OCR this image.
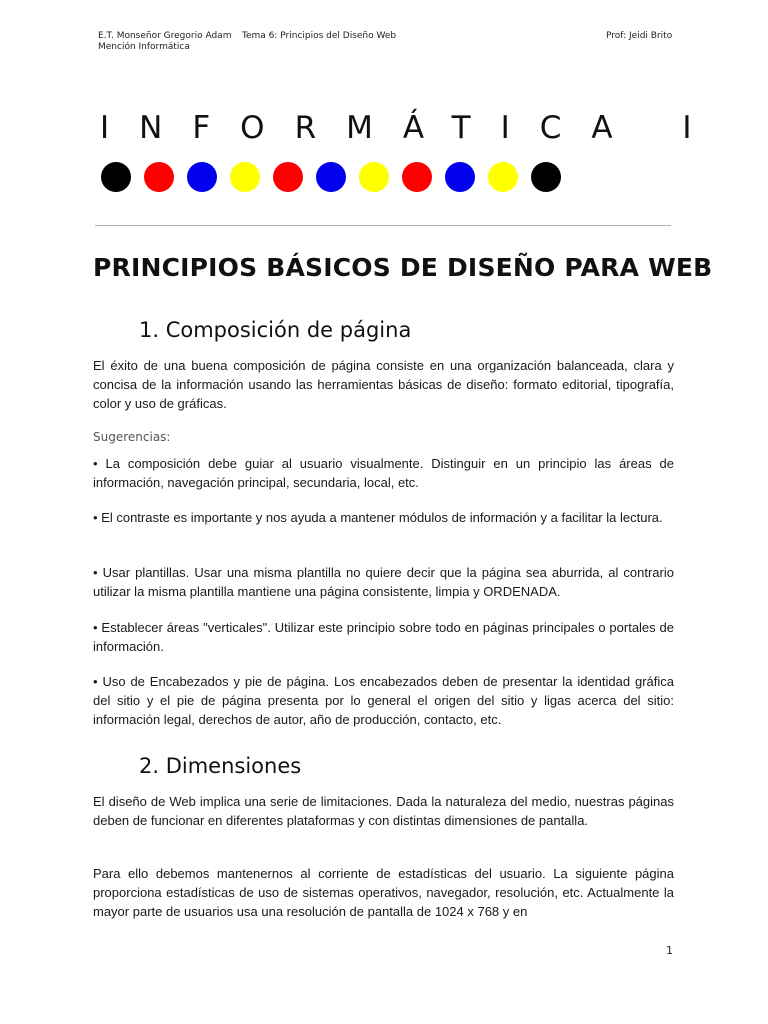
E.T. Monseñor Gregorio Adam
Mención Informática
Tema 6: Principios del Diseño Web	Prof: Jeidi Brito
INFORMÁTICA I
PRINCIPIOS BÁSICOS DE DISEÑO PARA WEB
1. Composición de página
El éxito de una buena composición de página consiste en una organización balanceada, clara y concisa de la información usando las herramientas básicas de diseño: formato editorial, tipografía, color y uso de gráficas.
Sugerencias:
• La composición debe guiar al usuario visualmente. Distinguir en un principio las áreas de información, navegación principal, secundaria, local, etc.
• El contraste es importante y nos ayuda a mantener módulos de información y a facilitar la lectura.
• Usar plantillas. Usar una misma plantilla no quiere decir que la página sea aburrida, al contrario utilizar la misma plantilla mantiene una página consistente, limpia y ORDENADA.
• Establecer áreas "verticales". Utilizar este principio sobre todo en páginas principales o portales de información.
• Uso de Encabezados y pie de página. Los encabezados deben de presentar la identidad gráfica del sitio y el pie de página presenta por lo general el origen del sitio y ligas acerca del sitio: información legal, derechos de autor, año de producción, contacto, etc.
2. Dimensiones
El diseño de Web implica una serie de limitaciones. Dada la naturaleza del medio, nuestras páginas deben de funcionar en diferentes plataformas y con distintas dimensiones de pantalla.
Para ello debemos mantenernos al corriente de estadísticas del usuario. La siguiente página proporciona estadísticas de uso de sistemas operativos, navegador, resolución, etc. Actualmente la mayor parte de usuarios usa una resolución de pantalla de 1024 x 768 y en
1
